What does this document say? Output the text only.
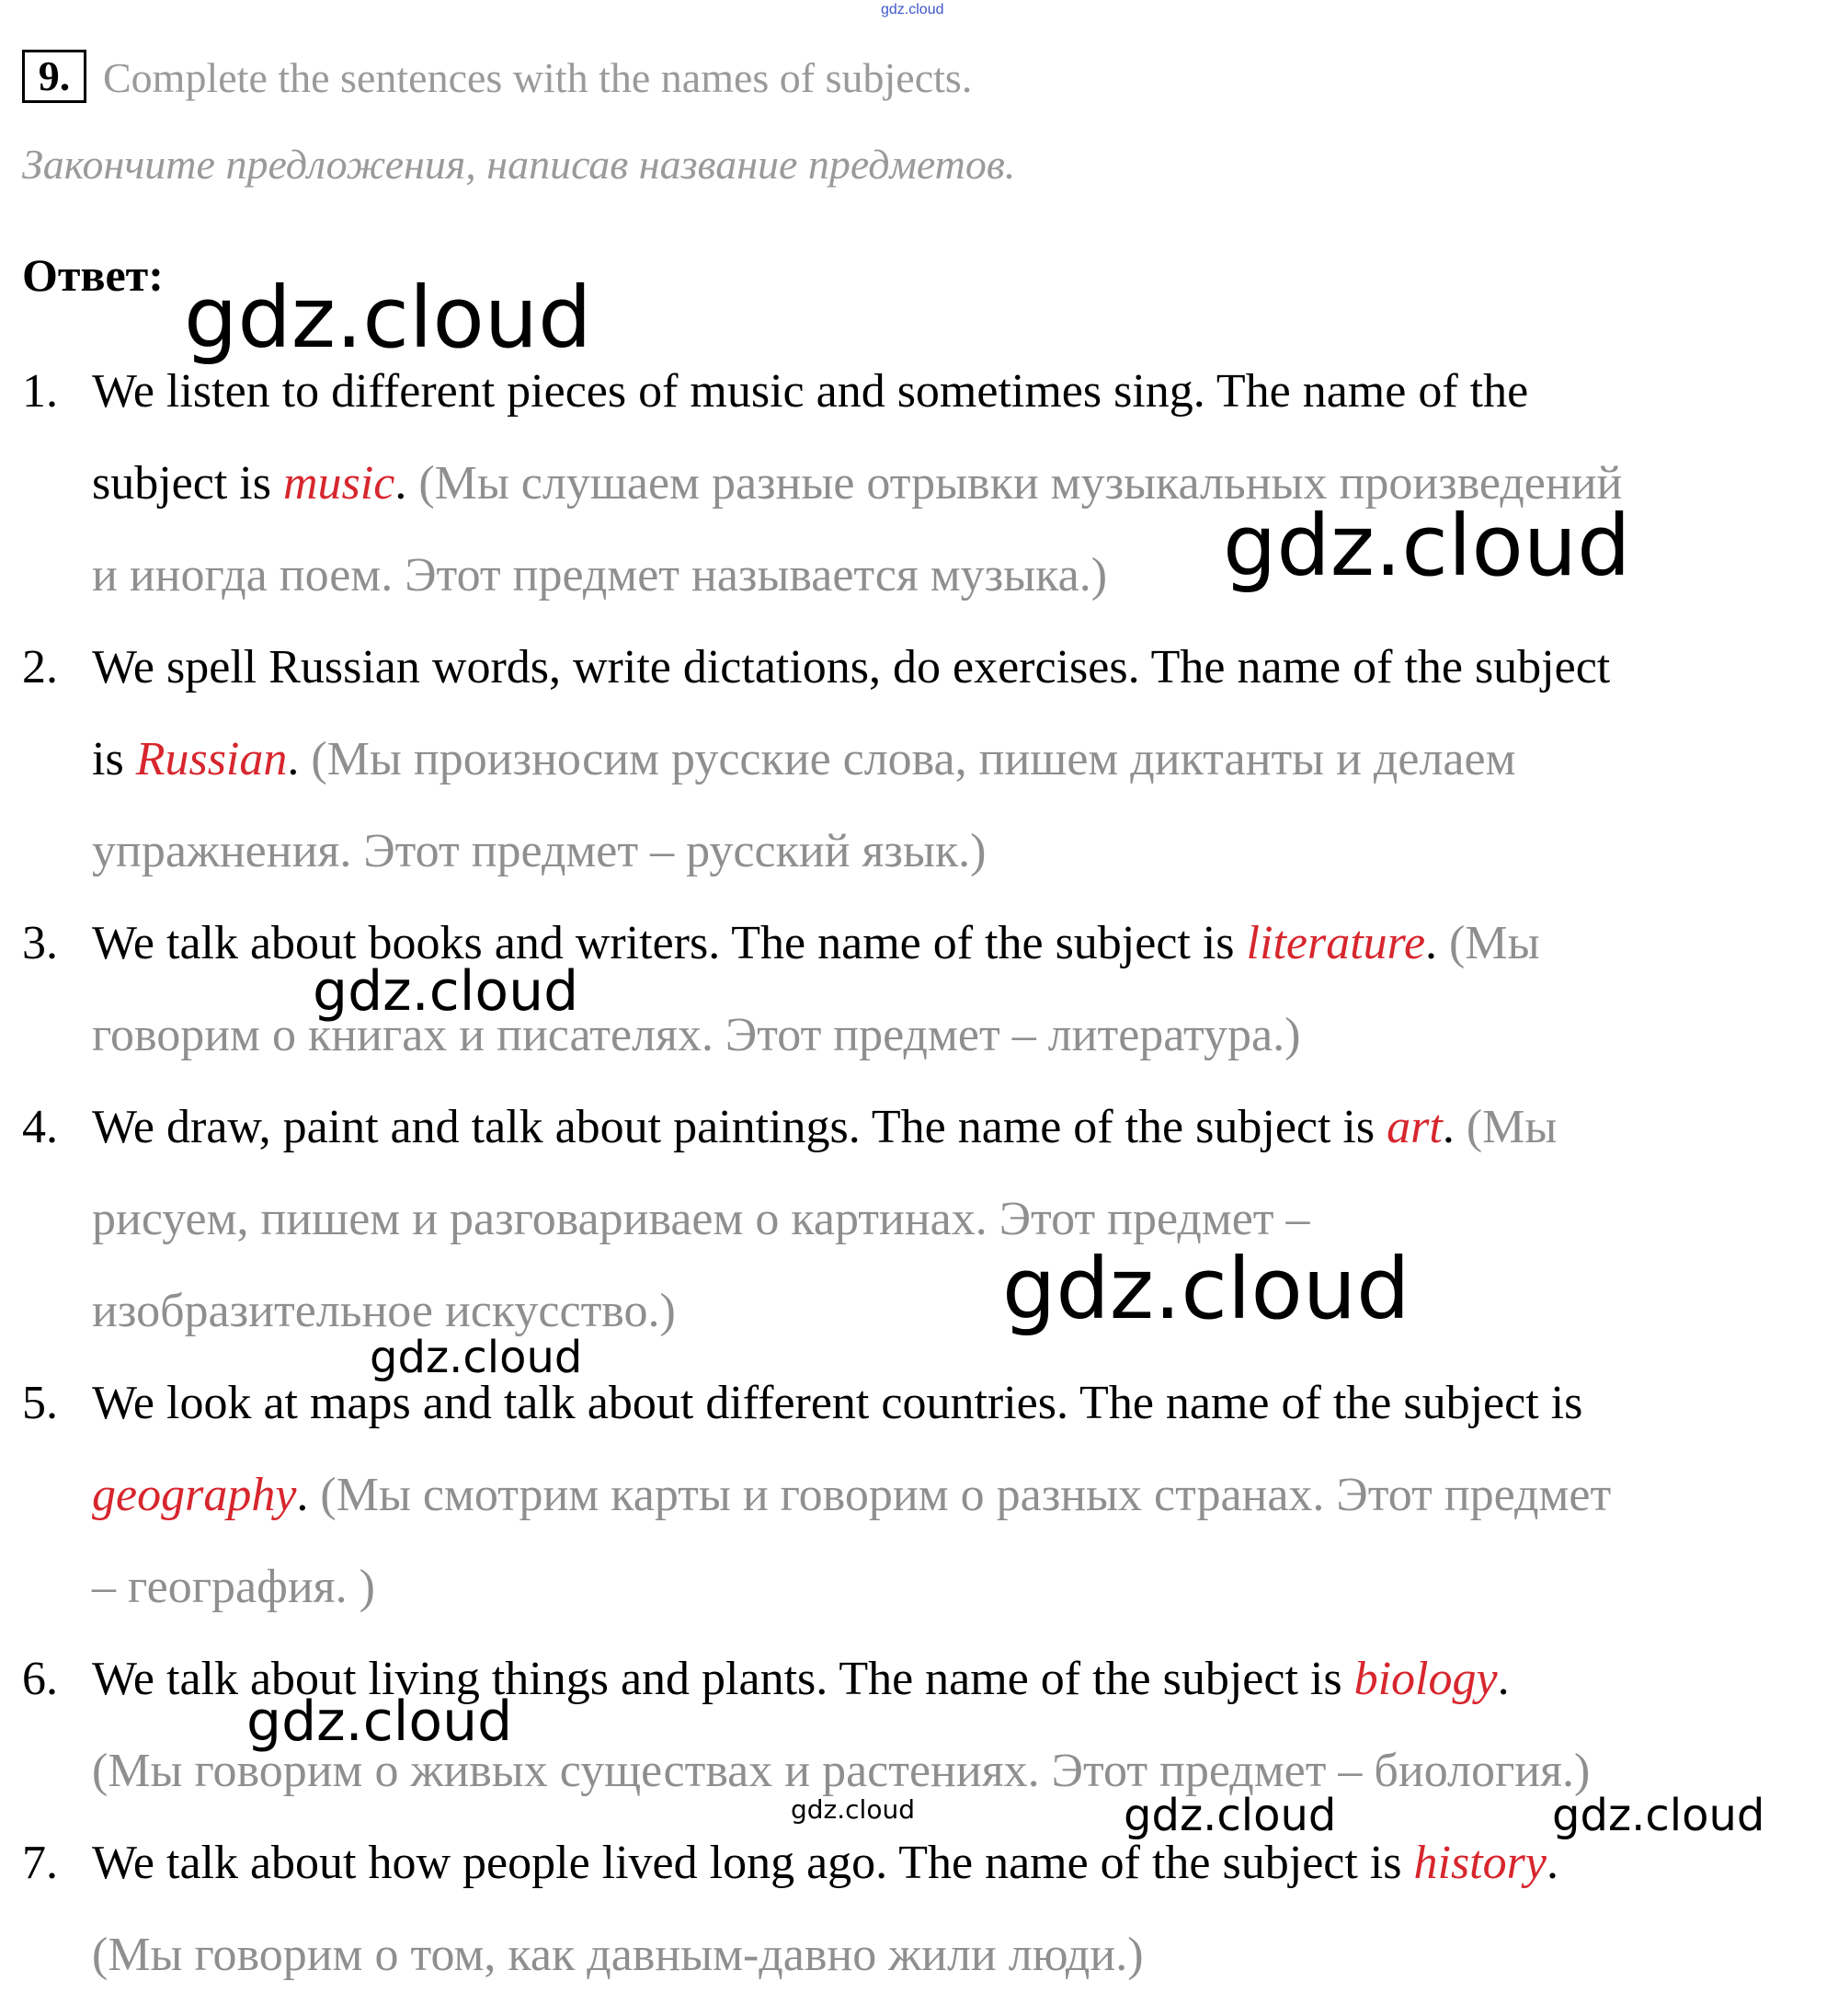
gdz.cloud
9. Complete the sentences with the names of subjects.
Закончите предложения, написав название предметов.
Ответ:
1. We listen to different pieces of music and sometimes sing. The name of the
subject is music. (Мы слушаем разные отрывки музыкальных произведений
и иногда поем. Этот предмет называется музыка.)
2. We spell Russian words, write dictations, do exercises. The name of the subject
is Russian. (Мы произносим русские слова, пишем диктанты и делаем
упражнения. Этот предмет – русский язык.)
3. We talk about books and writers. The name of the subject is literature. (Мы
говорим о книгах и писателях. Этот предмет – литература.)
4. We draw, paint and talk about paintings. The name of the subject is art. (Мы
рисуем, пишем и разговариваем о картинах. Этот предмет –
изобразительное искусство.)
5. We look at maps and talk about different countries. The name of the subject is
geography. (Мы смотрим карты и говорим о разных странах. Этот предмет
– география. )
6. We talk about living things and plants. The name of the subject is biology.
(Мы говорим о живых существах и растениях. Этот предмет – биология.)
7. We talk about how people lived long ago. The name of the subject is history.
(Мы говорим о том, как давным-давно жили люди.)
gdz.cloud
gdz.cloud
gdz.cloud
gdz.cloud
gdz.cloud
gdz.cloud
gdz.cloud	gdz.cloud	gdz.cloud
